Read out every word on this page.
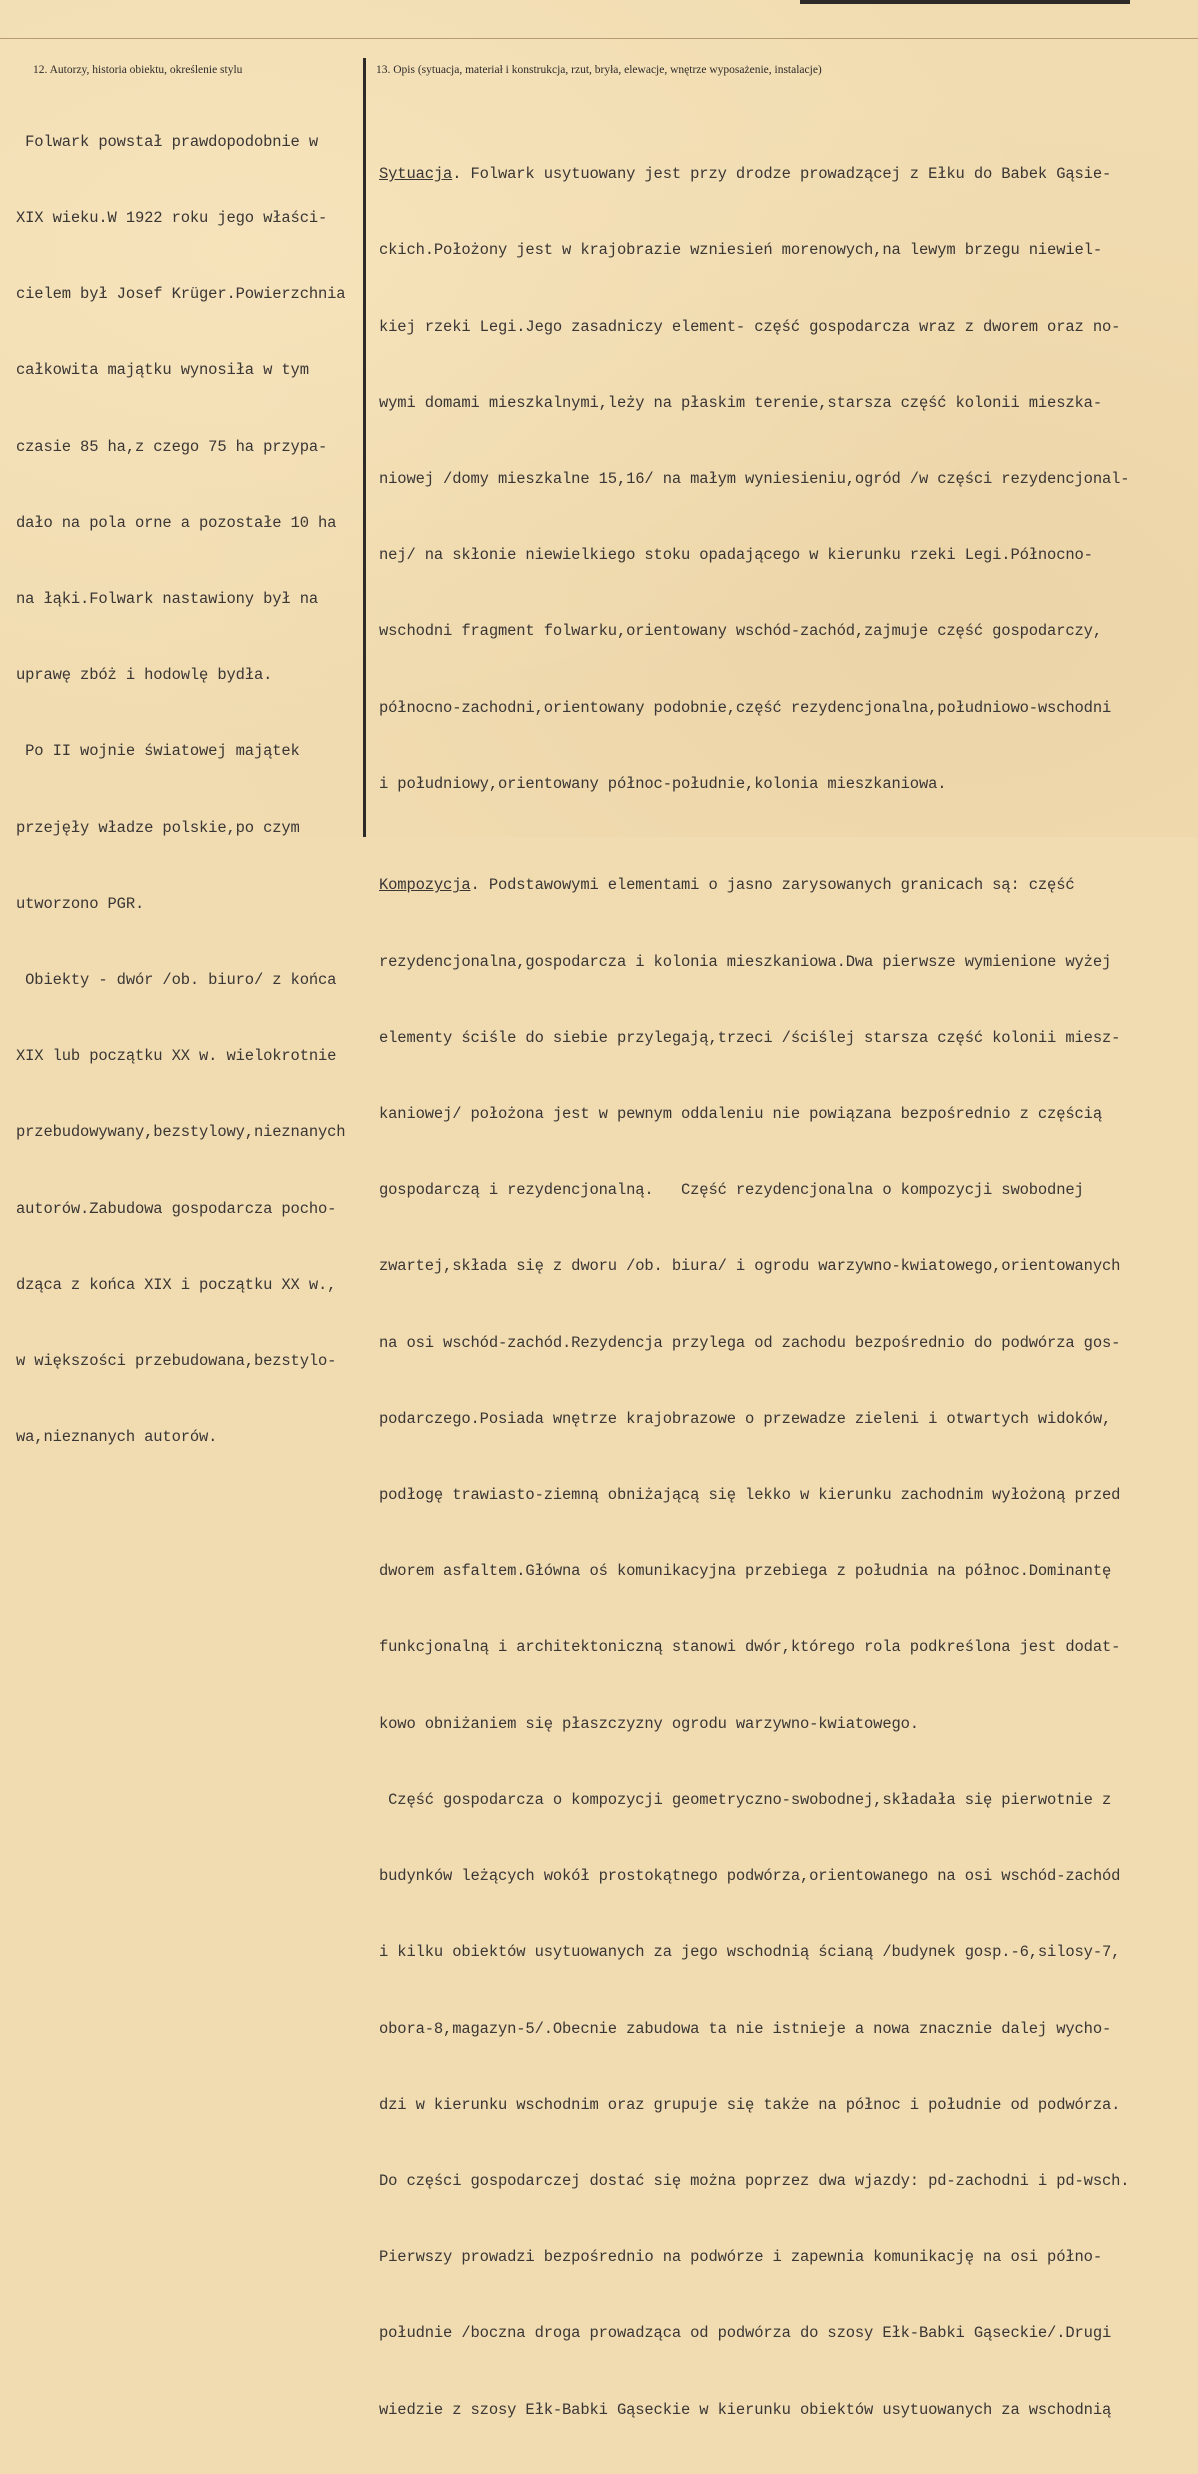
12. Autorzy, historia obiektu, określenie stylu	13. Opis (sytuacja, materiał i konstrukcja, rzut, bryła, elewacje, wnętrze wyposażenie, instalacje)

Folwark powstał prawdopodobnie w

XIX wieku.W 1922 roku jego właści-

cielem był Josef Krüger.Powierzchnia

całkowita majątku wynosiła w tym

czasie 85 ha,z czego 75 ha przypa-

dało na pola orne a pozostałe 10 ha

na łąki.Folwark nastawiony był na

uprawę zbóż i hodowlę bydła.

Po II wojnie światowej majątek

przejęły władze polskie,po czym

utworzono PGR.

Obiekty - dwór /ob. biuro/ z końca

XIX lub początku XX w. wielokrotnie

przebudowywany,bezstylowy,nieznanych

autorów.Zabudowa gospodarcza pocho-

dząca z końca XIX i początku XX w.,

w większości przebudowana,bezstylo-

wa,nieznanych autorów.

Sytuacja. Folwark usytuowany jest przy drodze prowadzącej z Ełku do Babek Gąsie-

ckich.Położony jest w krajobrazie wzniesień morenowych,na lewym brzegu niewiel-

kiej rzeki Legi.Jego zasadniczy element- część gospodarcza wraz z dworem oraz no-

wymi domami mieszkalnymi,leży na płaskim terenie,starsza część kolonii mieszka-

niowej /domy mieszkalne 15,16/ na małym wyniesieniu,ogród /w części rezydencjonal-

nej/ na skłonie niewielkiego stoku opadającego w kierunku rzeki Legi.Północno-

wschodni fragment folwarku,orientowany wschód-zachód,zajmuje część gospodarczy,

północno-zachodni,orientowany podobnie,część rezydencjonalna,południowo-wschodni

i południowy,orientowany północ-południe,kolonia mieszkaniowa.

Kompozycja. Podstawowymi elementami o jasno zarysowanych granicach są: część

rezydencjonalna,gospodarcza i kolonia mieszkaniowa.Dwa pierwsze wymienione wyżej

elementy ściśle do siebie przylegają,trzeci /ściślej starsza część kolonii miesz-

kaniowej/ położona jest w pewnym oddaleniu nie powiązana bezpośrednio z częścią

gospodarczą i rezydencjonalną.   Część rezydencjonalna o kompozycji swobodnej

zwartej,składa się z dworu /ob. biura/ i ogrodu warzywno-kwiatowego,orientowanych

na osi wschód-zachód.Rezydencja przylega od zachodu bezpośrednio do podwórza gos-

podarczego.Posiada wnętrze krajobrazowe o przewadze zieleni i otwartych widoków,

podłogę trawiasto-ziemną obniżającą się lekko w kierunku zachodnim wyłożoną przed

dworem asfaltem.Główna oś komunikacyjna przebiega z południa na północ.Dominantę

funkcjonalną i architektoniczną stanowi dwór,którego rola podkreślona jest dodat-

kowo obniżaniem się płaszczyzny ogrodu warzywno-kwiatowego.

Część gospodarcza o kompozycji geometryczno-swobodnej,składała się pierwotnie z

budynków leżących wokół prostokątnego podwórza,orientowanego na osi wschód-zachód

i kilku obiektów usytuowanych za jego wschodnią ścianą /budynek gosp.-6,silosy-7,

obora-8,magazyn-5/.Obecnie zabudowa ta nie istnieje a nowa znacznie dalej wycho-

dzi w kierunku wschodnim oraz grupuje się także na północ i południe od podwórza.

Do części gospodarczej dostać się można poprzez dwa wjazdy: pd-zachodni i pd-wsch.

Pierwszy prowadzi bezpośrednio na podwórze i zapewnia komunikację na osi półno-

południe /boczna droga prowadząca od podwórza do szosy Ełk-Babki Gąseckie/.Drugi

wiedzie z szosy Ełk-Babki Gąseckie w kierunku obiektów usytuowanych za wschodnią
